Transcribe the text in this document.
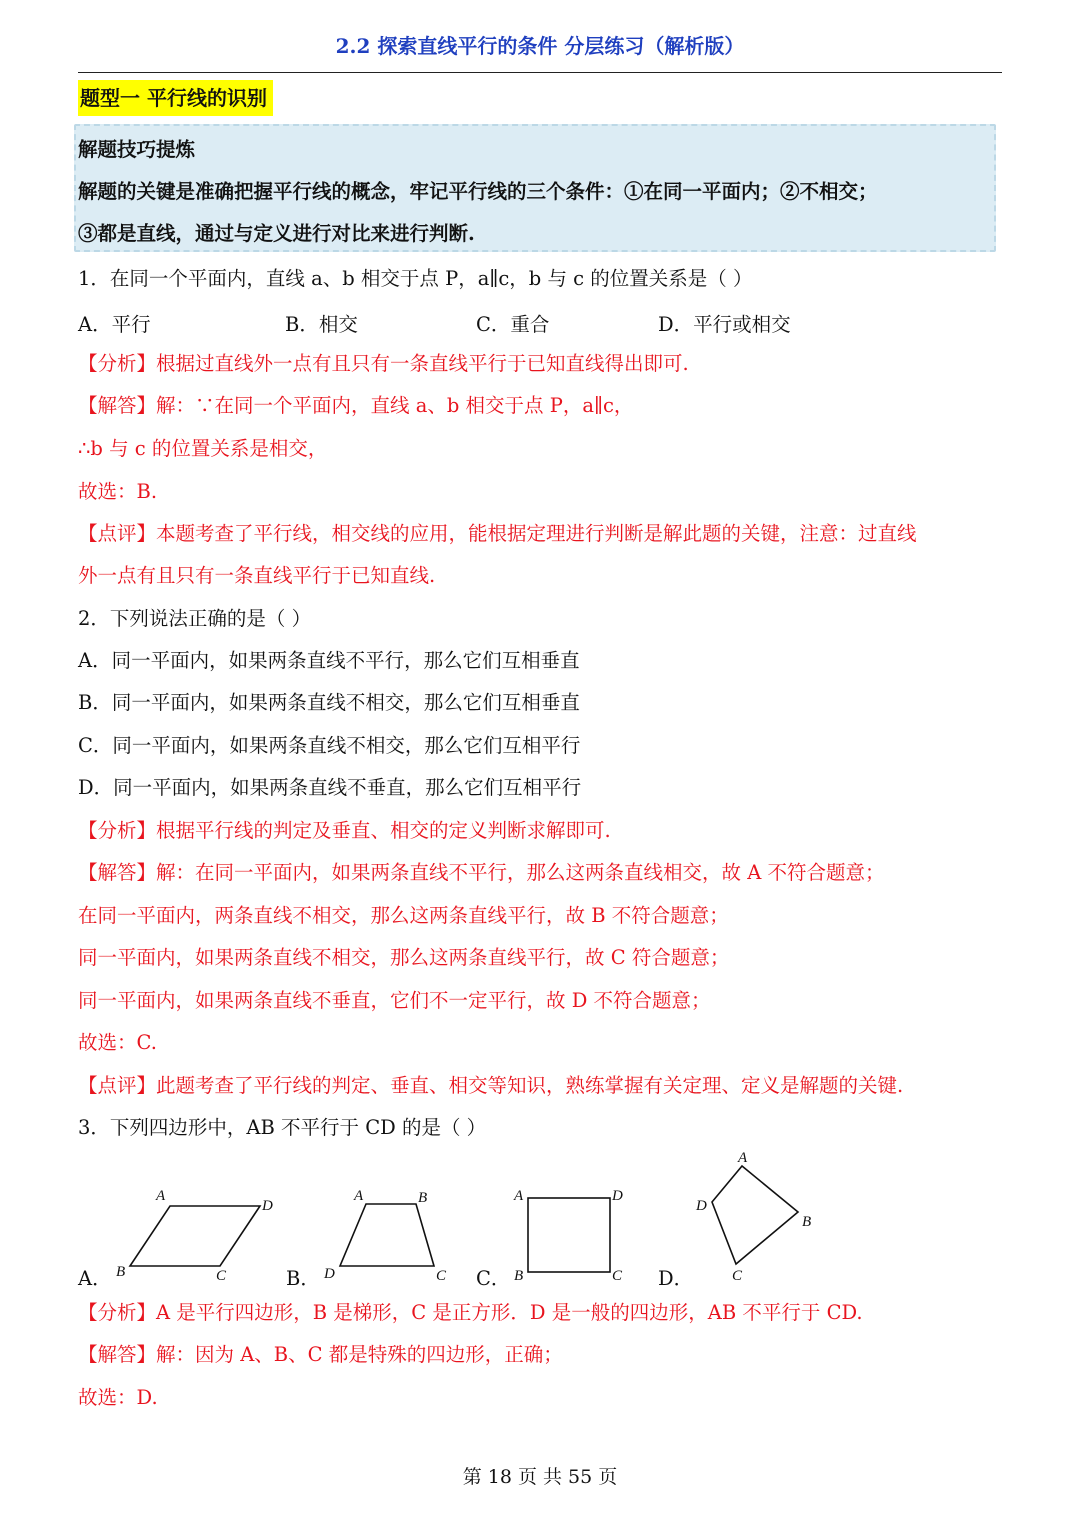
2.2 探索直线平行的条件 分层练习（解析版）
题型一 平行线的识别
解题技巧提炼
解题的关键是准确把握平行线的概念，牢记平行线的三个条件：①在同一平面内；②不相交；
③都是直线，通过与定义进行对比来进行判断.
1．在同一个平面内，直线 a、b 相交于点 P，a∥c，b 与 c 的位置关系是（ ）
A．平行	B．相交	C．重合	D．平行或相交
【分析】根据过直线外一点有且只有一条直线平行于已知直线得出即可.
【解答】解：∵在同一个平面内，直线 a、b 相交于点 P，a∥c，
∴b 与 c 的位置关系是相交，
故选：B.
【点评】本题考查了平行线，相交线的应用，能根据定理进行判断是解此题的关键，注意：过直线
外一点有且只有一条直线平行于已知直线.
2．下列说法正确的是（ ）
A．同一平面内，如果两条直线不平行，那么它们互相垂直
B．同一平面内，如果两条直线不相交，那么它们互相垂直
C．同一平面内，如果两条直线不相交，那么它们互相平行
D．同一平面内，如果两条直线不垂直，那么它们互相平行
【分析】根据平行线的判定及垂直、相交的定义判断求解即可.
【解答】解：在同一平面内，如果两条直线不平行，那么这两条直线相交，故 A 不符合题意；
在同一平面内，两条直线不相交，那么这两条直线平行，故 B 不符合题意；
同一平面内，如果两条直线不相交，那么这两条直线平行，故 C 符合题意；
同一平面内，如果两条直线不垂直，它们不一定平行，故 D 不符合题意；
故选：C.
【点评】此题考查了平行线的判定、垂直、相交等知识，熟练掌握有关定理、定义是解题的关键.
3．下列四边形中，AB 不平行于 CD 的是（ ）
A．
A
D
B	C	B．
A	B
D	C C．
A	D
B	C D．
A
D
B
C
【分析】A 是平行四边形，B 是梯形，C 是正方形．D 是一般的四边形，AB 不平行于 CD.
【解答】解：因为 A、B、C 都是特殊的四边形，正确；
故选：D.
第 18 页 共 55 页
